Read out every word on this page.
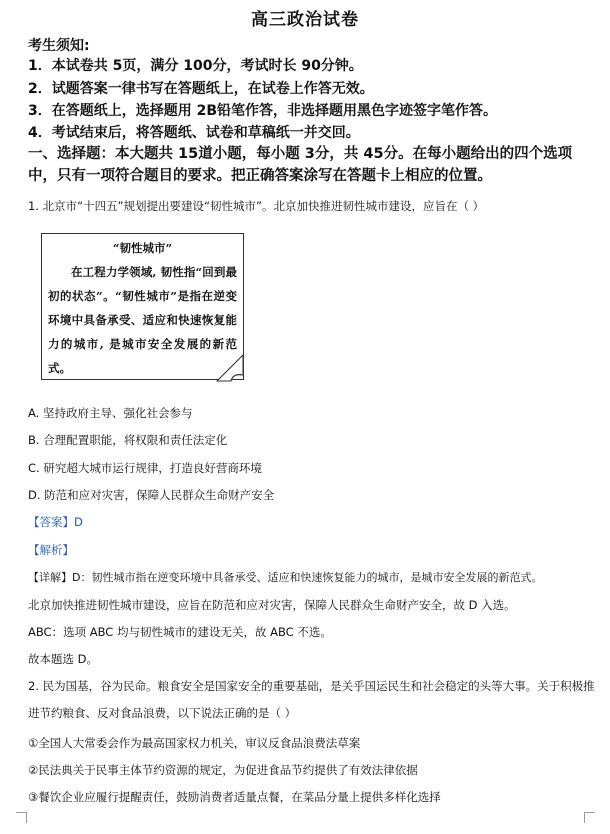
高三政治试卷
考生须知:
1．本试卷共 5页，满分 100分，考试时长 90分钟。
2．试题答案一律书写在答题纸上，在试卷上作答无效。
3．在答题纸上，选择题用 2B铅笔作答，非选择题用黑色字迹签字笔作答。
4．考试结束后，将答题纸、试卷和草稿纸一并交回。
一、选择题：本大题共 15道小题，每小题 3分，共 45分。在每小题给出的四个选项中，只有一项符合题目的要求。把正确答案涂写在答题卡上相应的位置。
1. 北京市“十四五”规划提出要建设“韧性城市”。北京加快推进韧性城市建设，应旨在（ ）
“韧性城市”
在工程力学领域, 韧性指“回到最初的状态”。“韧性城市”是指在逆变环境中具备承受、适应和快速恢复能力的城市, 是城市安全发展的新范式。
A. 坚持政府主导、强化社会参与
B. 合理配置职能，将权限和责任法定化
C. 研究超大城市运行规律，打造良好营商环境
D. 防范和应对灾害，保障人民群众生命财产安全
【答案】D
【解析】
【详解】D：韧性城市指在逆变环境中具备承受、适应和快速恢复能力的城市，是城市安全发展的新范式。
北京加快推进韧性城市建设，应旨在防范和应对灾害，保障人民群众生命财产安全，故 D 入选。
ABC：选项 ABC 均与韧性城市的建设无关，故 ABC 不选。
故本题选 D。
2. 民为国基，谷为民命。粮食安全是国家安全的重要基础，是关乎国运民生和社会稳定的头等大事。关于积极推进节约粮食、反对食品浪费，以下说法正确的是（ ）
①全国人大常委会作为最高国家权力机关，审议反食品浪费法草案
②民法典关于民事主体节约资源的规定，为促进食品节约提供了有效法律依据
③餐饮企业应履行提醒责任，鼓励消费者适量点餐，在菜品分量上提供多样化选择
